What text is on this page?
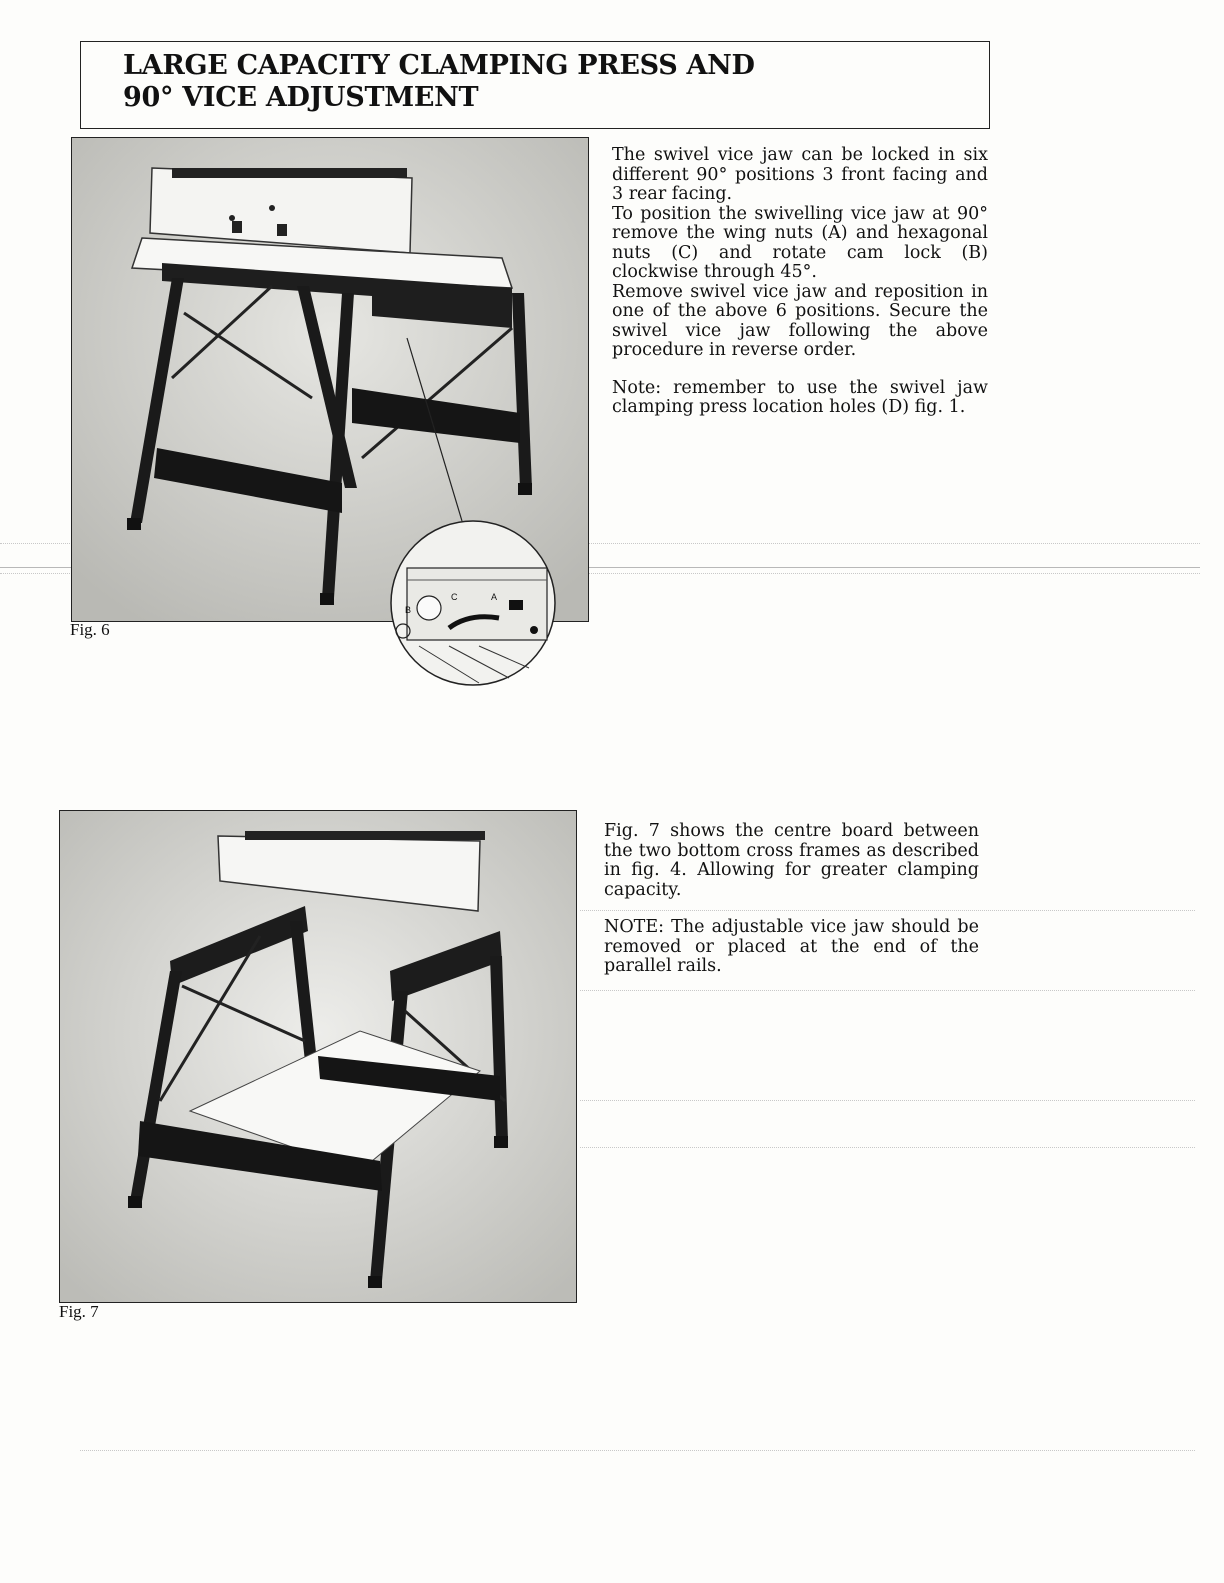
LARGE CAPACITY CLAMPING PRESS AND
90° VICE ADJUSTMENT
B
C	A
Fig. 6

The swivel vice jaw can be locked in six different 90° positions 3 front facing and 3 rear facing.

To position the swivelling vice jaw at 90° remove the wing nuts (A) and hexagonal nuts (C) and rotate cam lock (B) clockwise through 45°.

Remove swivel vice jaw and reposition in one of the above 6 positions. Secure the swivel vice jaw following the above procedure in reverse order.

Note: remember to use the swivel jaw clamping press location holes (D) fig. 1.

Fig. 7

Fig. 7 shows the centre board between the two bottom cross frames as described in fig. 4. Allowing for greater clamping capacity.

NOTE: The adjustable vice jaw should be removed or placed at the end of the parallel rails.
